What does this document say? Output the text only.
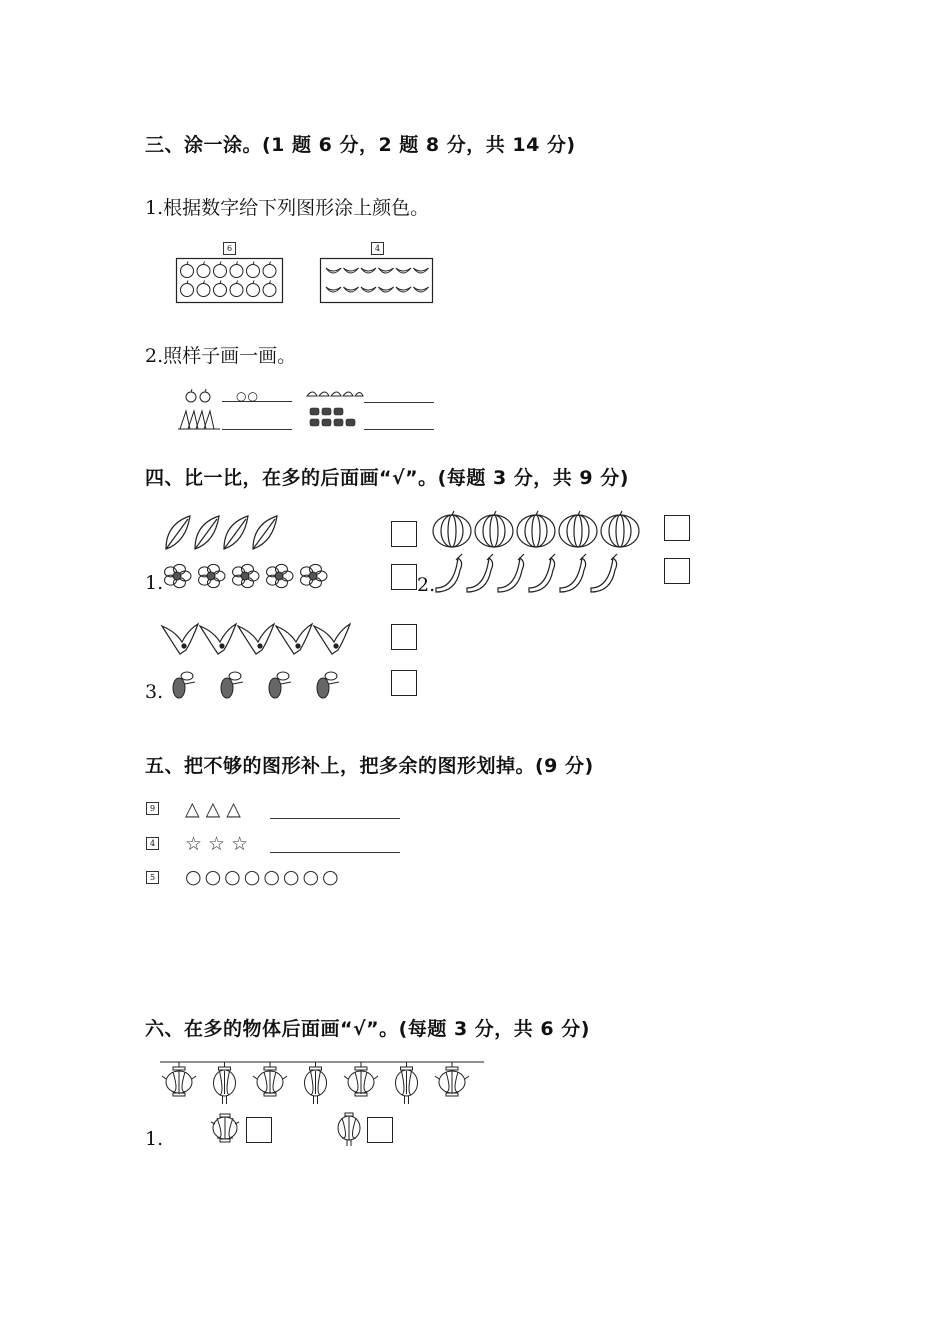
三、涂一涂。(1 题 6 分，2 题 8 分，共 14 分)
1.根据数字给下列图形涂上颜色。
6	4
2.照样子画一画。
○○
四、比一比，在多的后面画“√”。(每题 3 分，共 9 分)
1.	2.
3.
五、把不够的图形补上，把多余的图形划掉。(9 分)
9 △△△
4 ☆☆☆
5 ○○○○○○○○
六、在多的物体后面画“√”。(每题 3 分，共 6 分)
1.
